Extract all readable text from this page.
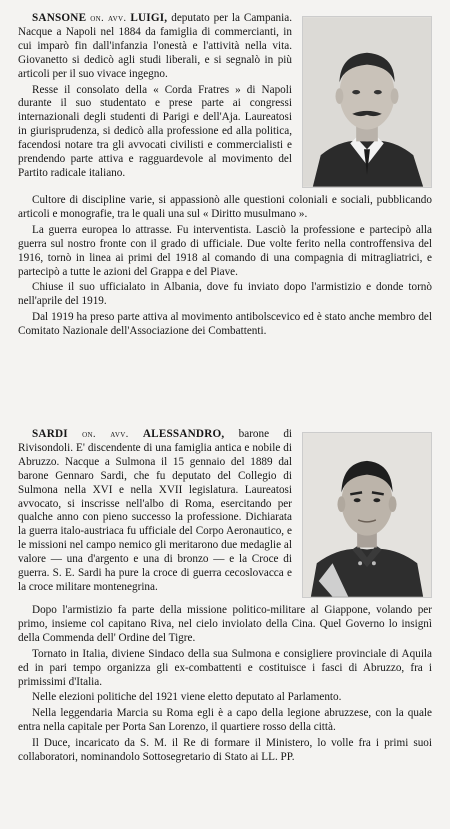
SANSONE on. avv. LUIGI, deputato per la Campania. Nacque a Napoli nel 1884 da famiglia di commercianti, in cui imparò fin dall'infanzia l'onestà e l'attività nella vita. Giovanetto si dedicò agli studi liberali, e si segnalò in più articoli per il suo vivace ingegno.

Resse il consolato della « Corda Fratres » di Napoli durante il suo studentato e prese parte ai congressi internazionali degli studenti di Parigi e dell'Aja. Laureatosi in giurisprudenza, si dedicò alla professione ed alla politica, facendosi notare tra gli avvocati civilisti e commercialisti e prendendo parte attiva e ragguardevole al movimento del Partito radicale italiano.

Cultore di discipline varie, si appassionò alle questioni coloniali e sociali, pubblicando articoli e monografie, tra le quali una sul « Diritto musulmano ».

La guerra europea lo attrasse. Fu interventista. Lasciò la professione e partecipò alla guerra sul nostro fronte con il grado di ufficiale. Due volte ferito nella controffensiva del 1916, tornò in linea ai primi del 1918 al comando di una compagnia di mitragliatrici, e partecipò a tutte le azioni del Grappa e del Piave.

Chiuse il suo ufficialato in Albania, dove fu inviato dopo l'armistizio e donde tornò nell'aprile del 1919.

Dal 1919 ha preso parte attiva al movimento antibolscevico ed è stato anche membro del Comitato Nazionale dell'Associazione dei Combattenti.

SARDI on. avv. ALESSANDRO, barone di Rivisondoli. E' discendente di una famiglia antica e nobile di Abruzzo. Nacque a Sulmona il 15 gennaio del 1889 dal barone Gennaro Sardi, che fu deputato del Collegio di Sulmona nella XVI e nella XVII legislatura. Laureatosi avvocato, si inscrisse nell'albo di Roma, esercitando per qualche anno con pieno successo la professione. Dichiarata la guerra italo-austriaca fu ufficiale del Corpo Aeronautico, e le missioni nel campo nemico gli meritarono due medaglie al valore — una d'argento e una di bronzo — e la Croce di guerra. S. E. Sardi ha pure la croce di guerra cecoslovacca e la croce militare montenegrina.

Dopo l'armistizio fa parte della missione politico-militare al Giappone, volando per primo, insieme col capitano Riva, nel cielo inviolato della Cina. Quel Governo lo insignì della Commenda dell' Ordine del Tigre.

Tornato in Italia, diviene Sindaco della sua Sulmona e consigliere provinciale di Aquila ed in pari tempo organizza gli ex-combattenti e costituisce i fasci di Abruzzo, fra i primissimi d'Italia.

Nelle elezioni politiche del 1921 viene eletto deputato al Parlamento.

Nella leggendaria Marcia su Roma egli è a capo della legione abruzzese, con la quale entra nella capitale per Porta San Lorenzo, il quartiere rosso della città.

Il Duce, incaricato da S. M. il Re di formare il Ministero, lo volle fra i primi suoi collaboratori, nominandolo Sottosegretario di Stato ai LL. PP.
